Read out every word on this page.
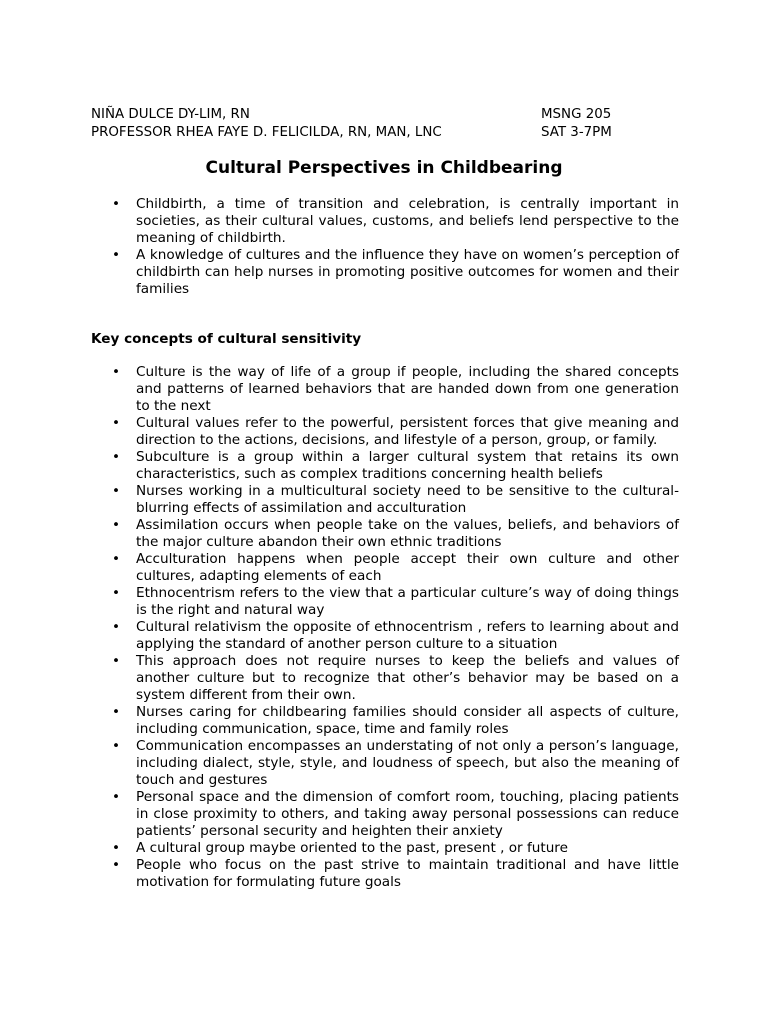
NIÑA DULCE DY-LIM, RN	MSNG 205
PROFESSOR RHEA FAYE D. FELICILDA, RN, MAN, LNC	SAT 3-7PM
Cultural Perspectives in Childbearing
• Childbirth, a time of transition and celebration, is centrally important in societies, as their cultural values, customs, and beliefs lend perspective to the meaning of childbirth.
• A knowledge of cultures and the influence they have on women’s perception of childbirth can help nurses in promoting positive outcomes for women and their families
Key concepts of cultural sensitivity
• Culture is the way of life of a group if people, including the shared concepts and patterns of learned behaviors that are handed down from one generation to the next
• Cultural values refer to the powerful, persistent forces that give meaning and direction to the actions, decisions, and lifestyle of a person, group, or family.
• Subculture is a group within a larger cultural system that retains its own characteristics, such as complex traditions concerning health beliefs
• Nurses working in a multicultural society need to be sensitive to the cultural-blurring effects of assimilation and acculturation
• Assimilation occurs when people take on the values, beliefs, and behaviors of the major culture abandon their own ethnic traditions
• Acculturation happens when people accept their own culture and other cultures, adapting elements of each
• Ethnocentrism refers to the view that a particular culture’s way of doing things is the right and natural way
• Cultural relativism the opposite of ethnocentrism , refers to learning about and applying the standard of another person culture to a situation
• This approach does not require nurses to keep the beliefs and values of another culture but to recognize that other’s behavior may be based on a system different from their own.
• Nurses caring for childbearing families should consider all aspects of culture, including communication, space, time and family roles
• Communication encompasses an understating of not only a person’s language, including dialect, style, style, and loudness of speech, but also the meaning of touch and gestures
• Personal space and the dimension of comfort room, touching, placing patients in close proximity to others, and taking away personal possessions can reduce patients’ personal security and heighten their anxiety
• A cultural group maybe oriented to the past, present , or future
• People who focus on the past strive to maintain traditional and have little motivation for formulating future goals
